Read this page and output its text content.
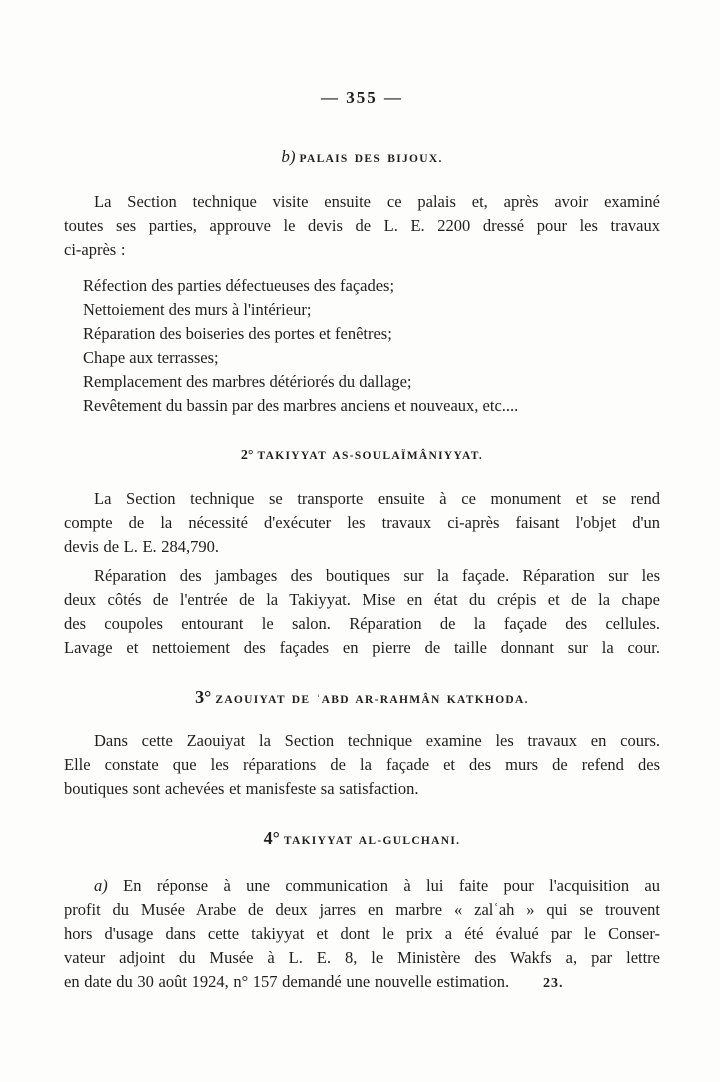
— 355 —
b) PALAIS DES BIJOUX.
La Section technique visite ensuite ce palais et, après avoir examiné
toutes ses parties, approuve le devis de L. E. 2200 dressé pour les travaux
ci-après :
Réfection des parties défectueuses des façades;
Nettoiement des murs à l'intérieur;
Réparation des boiseries des portes et fenêtres;
Chape aux terrasses;
Remplacement des marbres détériorés du dallage;
Revêtement du bassin par des marbres anciens et nouveaux, etc....
2° TAKIYYAT AS-SOULAÏMÂNIYYAT.
La Section technique se transporte ensuite à ce monument et se rend
compte de la nécessité d'exécuter les travaux ci-après faisant l'objet d'un
devis de L. E. 284,790.
Réparation des jambages des boutiques sur la façade. Réparation sur les
deux côtés de l'entrée de la Takiyyat. Mise en état du crépis et de la chape
des coupoles entourant le salon. Réparation de la façade des cellules.
Lavage et nettoiement des façades en pierre de taille donnant sur la cour.
3° ZAOUIYAT DE ʿABD AR-RAHMÂN KATKHODA.
Dans cette Zaouiyat la Section technique examine les travaux en cours.
Elle constate que les réparations de la façade et des murs de refend des
boutiques sont achevées et manisfeste sa satisfaction.
4° TAKIYYAT AL-GULCHANI.
a) En réponse à une communication à lui faite pour l'acquisition au
profit du Musée Arabe de deux jarres en marbre « zalʿah » qui se trouvent
hors d'usage dans cette takiyyat et dont le prix a été évalué par le Conser-
vateur adjoint du Musée à L. E. 8, le Ministère des Wakfs a, par lettre
en date du 30 août 1924, n° 157 demandé une nouvelle estimation.	23.
